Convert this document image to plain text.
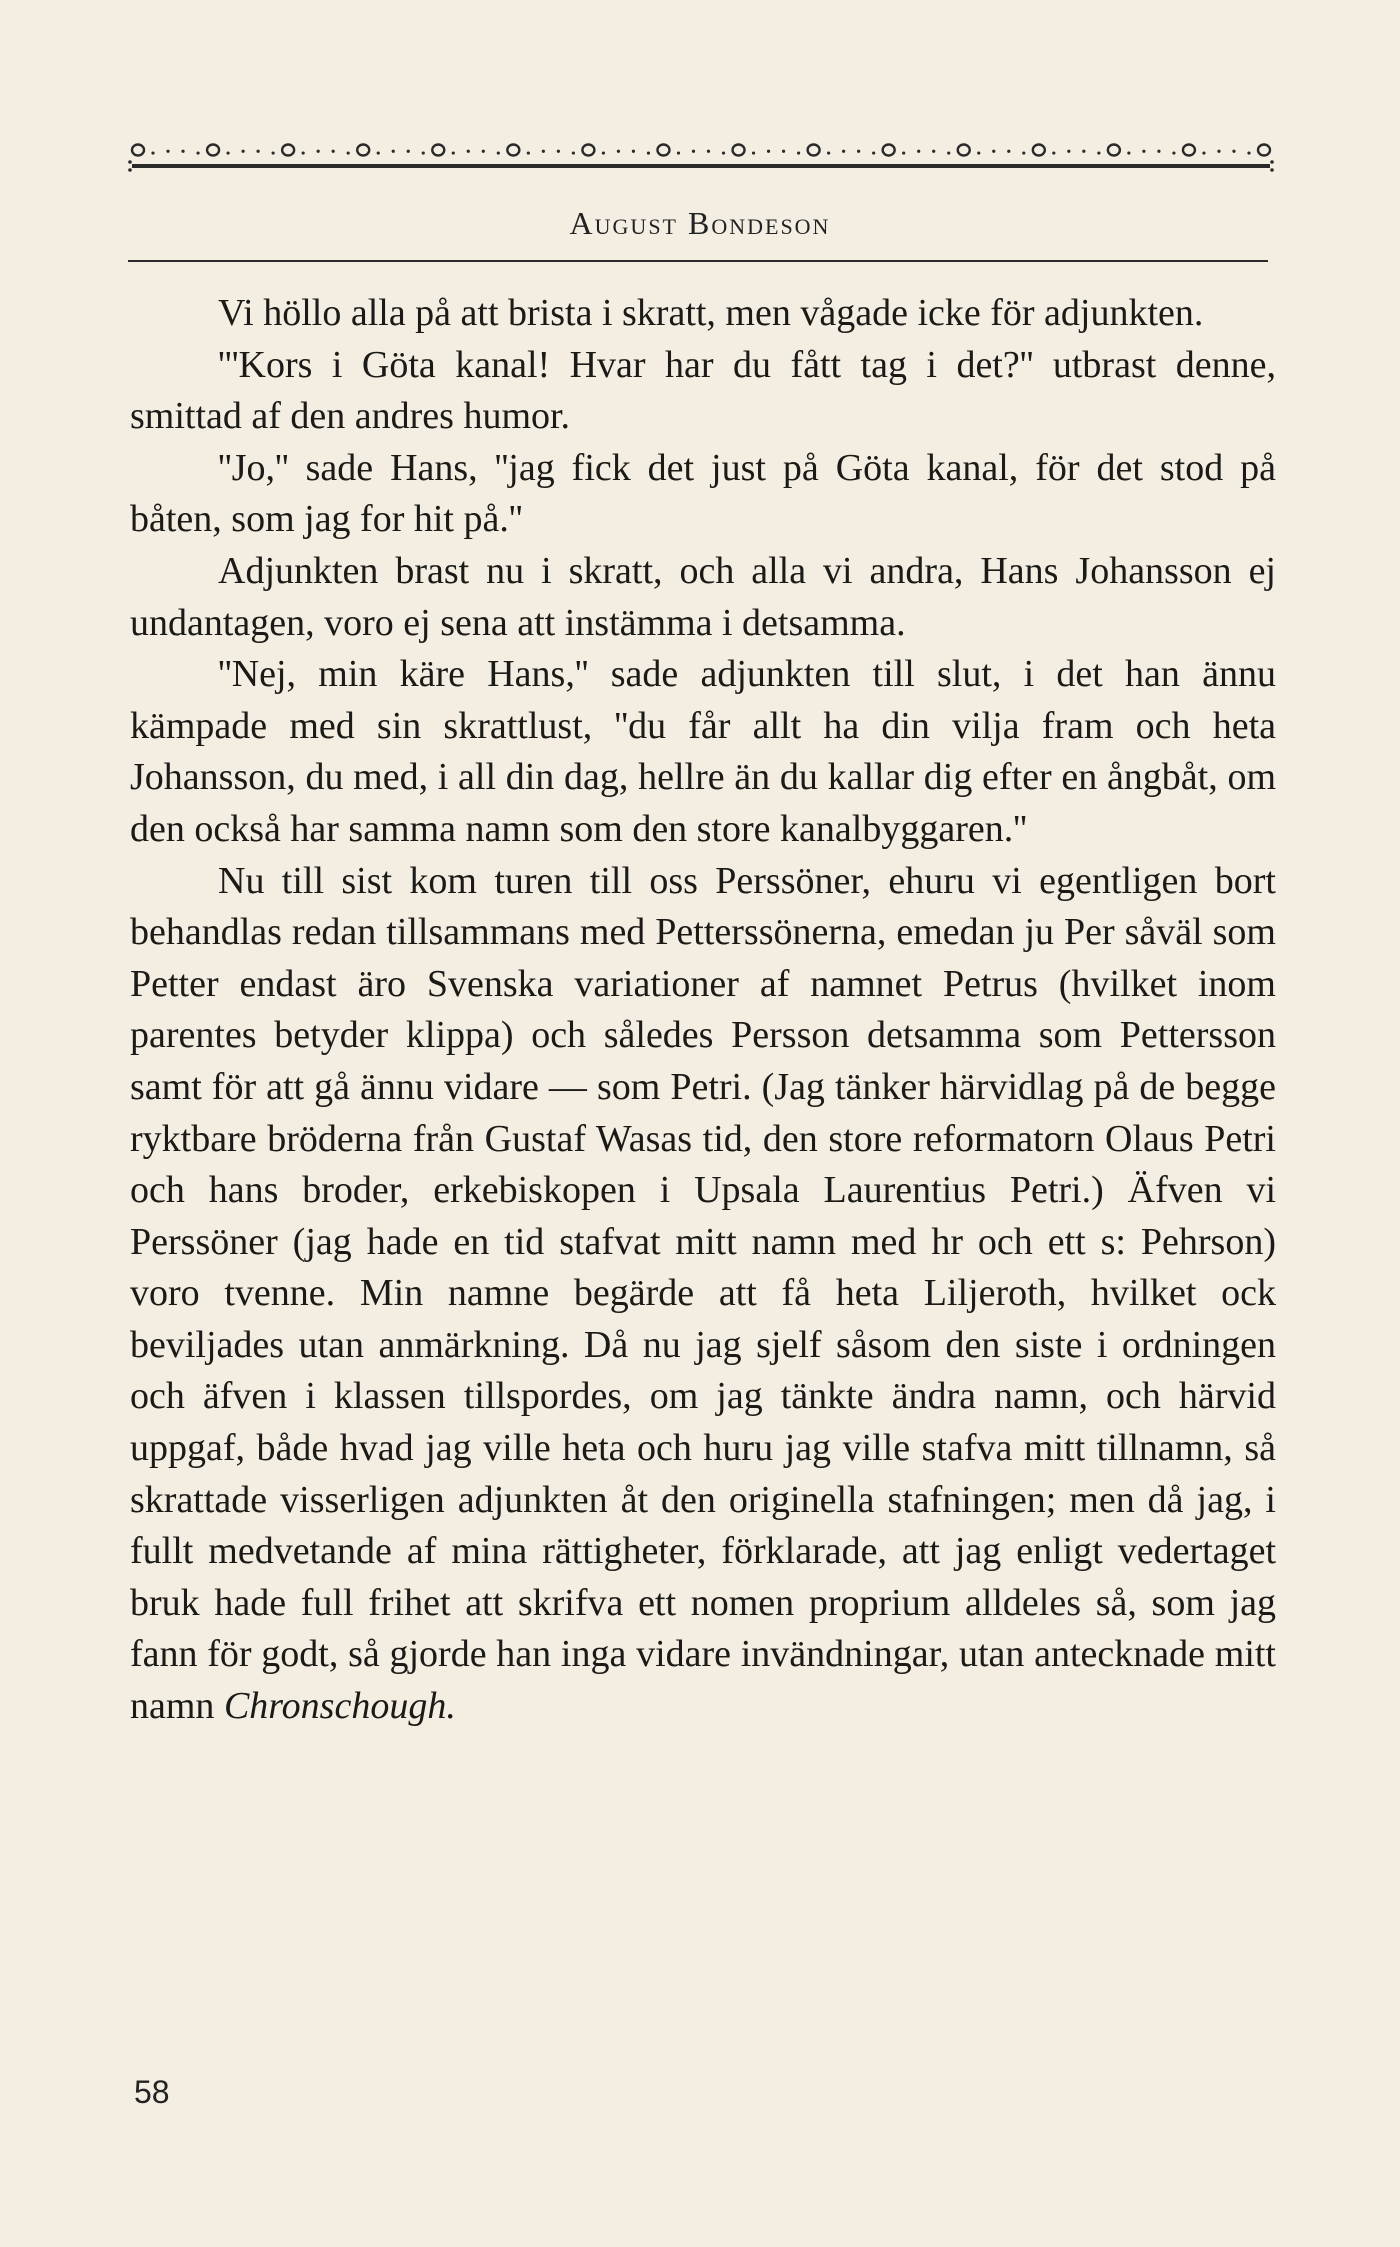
August Bondeson

Vi höllo alla på att brista i skratt, men vågade icke för adjunkten.

'''Kors i Göta kanal! Hvar har du fått tag i det?'' utbrast denne, smittad af den andres humor.

''Jo,'' sade Hans, ''jag fick det just på Göta kanal, för det stod på båten, som jag for hit på.''

Adjunkten brast nu i skratt, och alla vi andra, Hans Johansson ej undantagen, voro ej sena att instämma i detsamma.

''Nej, min käre Hans,'' sade adjunkten till slut, i det han ännu kämpade med sin skrattlust, ''du får allt ha din vilja fram och heta Johansson, du med, i all din dag, hellre än du kallar dig efter en ångbåt, om den också har samma namn som den store kanalbyggaren.''

Nu till sist kom turen till oss Perssöner, ehuru vi egentligen bort behandlas redan tillsammans med Petterssönerna, emedan ju Per såväl som Petter endast äro Svenska variationer af namnet Petrus (hvilket inom parentes betyder klippa) och således Persson detsamma som Pettersson samt för att gå ännu vidare — som Petri. (Jag tänker härvidlag på de begge ryktbare bröderna från Gustaf Wasas tid, den store reformatorn Olaus Petri och hans broder, erkebiskopen i Upsala Laurentius Petri.) Äfven vi Perssöner (jag hade en tid stafvat mitt namn med hr och ett s: Pehrson) voro tvenne. Min namne begärde att få heta Liljeroth, hvilket ock beviljades utan anmärkning. Då nu jag sjelf såsom den siste i ordningen och äfven i klassen tillspordes, om jag tänkte ändra namn, och härvid uppgaf, både hvad jag ville heta och huru jag ville stafva mitt tillnamn, så skrattade visserligen adjunkten åt den originella stafningen; men då jag, i fullt medvetande af mina rättigheter, förklarade, att jag enligt vedertaget bruk hade full frihet att skrifva ett nomen proprium alldeles så, som jag fann för godt, så gjorde han inga vidare invändningar, utan antecknade mitt namn Chronschough.

58
